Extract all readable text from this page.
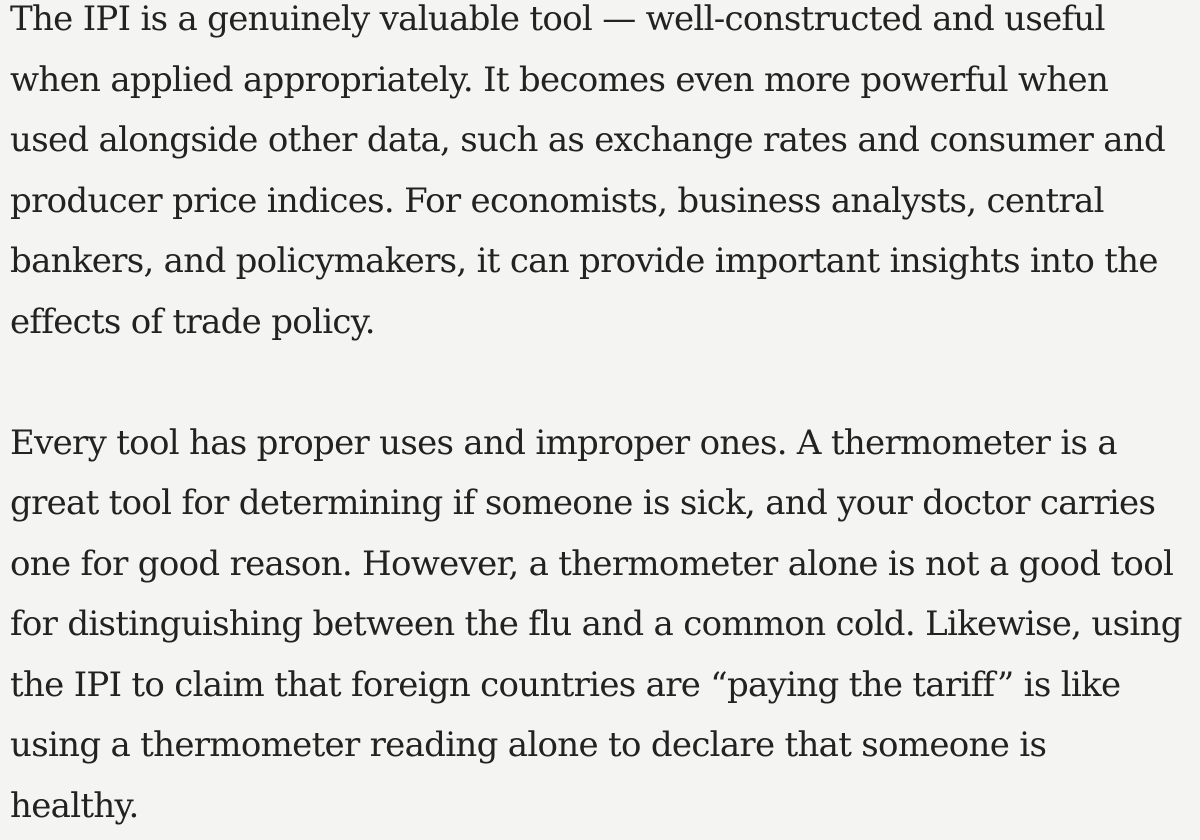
The IPI is a genuinely valuable tool — well-constructed and useful
when applied appropriately. It becomes even more powerful when
used alongside other data, such as exchange rates and consumer and
producer price indices. For economists, business analysts, central
bankers, and policymakers, it can provide important insights into the
effects of trade policy.

Every tool has proper uses and improper ones. A thermometer is a
great tool for determining if someone is sick, and your doctor carries
one for good reason. However, a thermometer alone is not a good tool
for distinguishing between the flu and a common cold. Likewise, using
the IPI to claim that foreign countries are “paying the tariff” is like
using a thermometer reading alone to declare that someone is
healthy.
